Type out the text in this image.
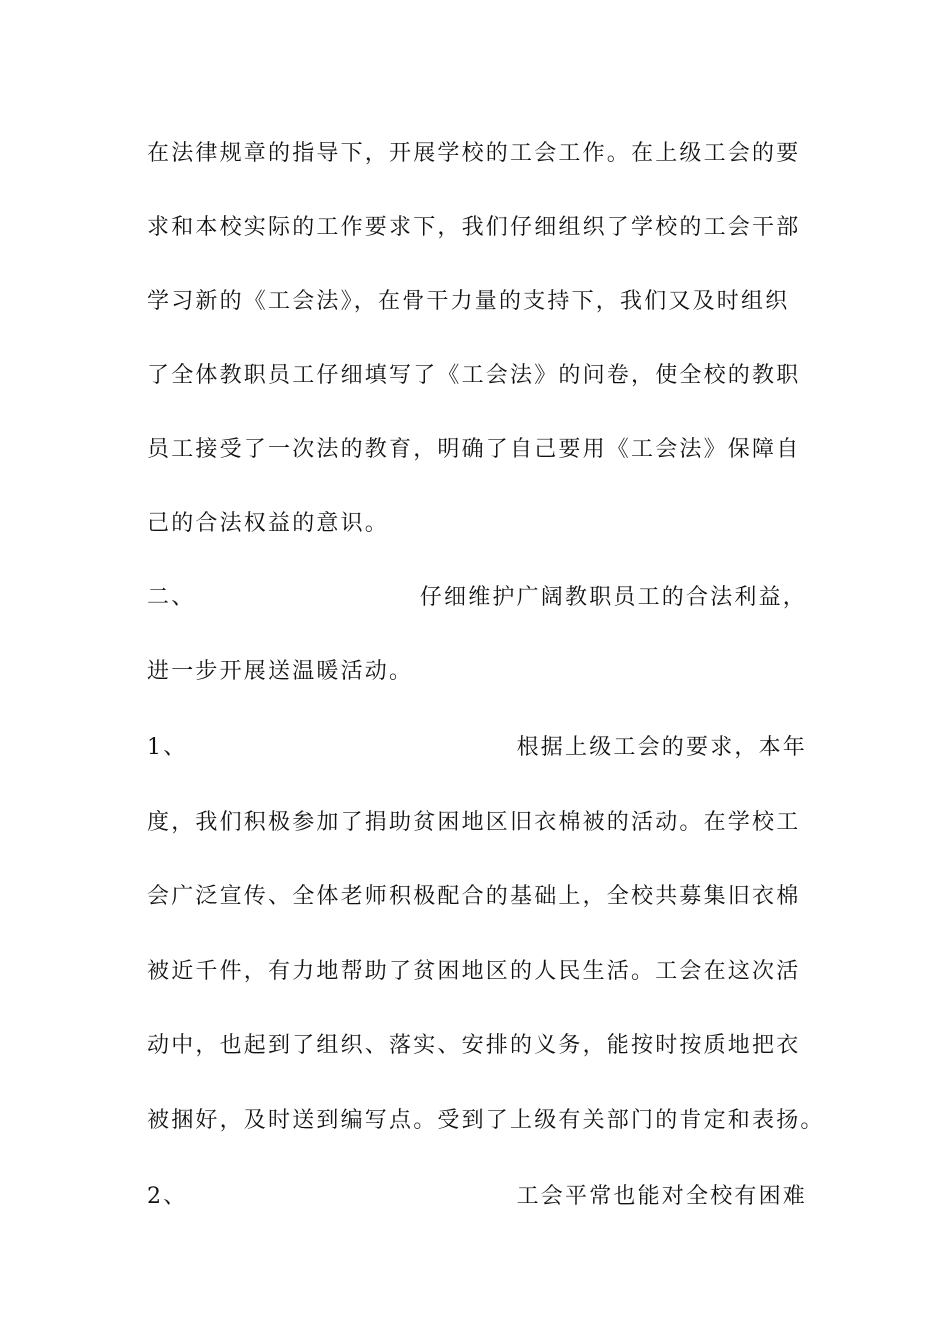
在法律规章的指导下，开展学校的工会工作。在上级工会的要
求和本校实际的工作要求下，我们仔细组织了学校的工会干部
学习新的《工会法》，在骨干力量的支持下，我们又及时组织
了全体教职员工仔细填写了《工会法》的问卷，使全校的教职
员工接受了一次法的教育，明确了自己要用《工会法》保障自
己的合法权益的意识。
二、	仔细维护广阔教职员工的合法利益，
进一步开展送温暖活动。
1、	根据上级工会的要求，本年
度，我们积极参加了捐助贫困地区旧衣棉被的活动。在学校工
会广泛宣传、全体老师积极配合的基础上，全校共募集旧衣棉
被近千件，有力地帮助了贫困地区的人民生活。工会在这次活
动中，也起到了组织、落实、安排的义务，能按时按质地把衣
被捆好，及时送到编写点。受到了上级有关部门的肯定和表扬。
2、	工会平常也能对全校有困难
